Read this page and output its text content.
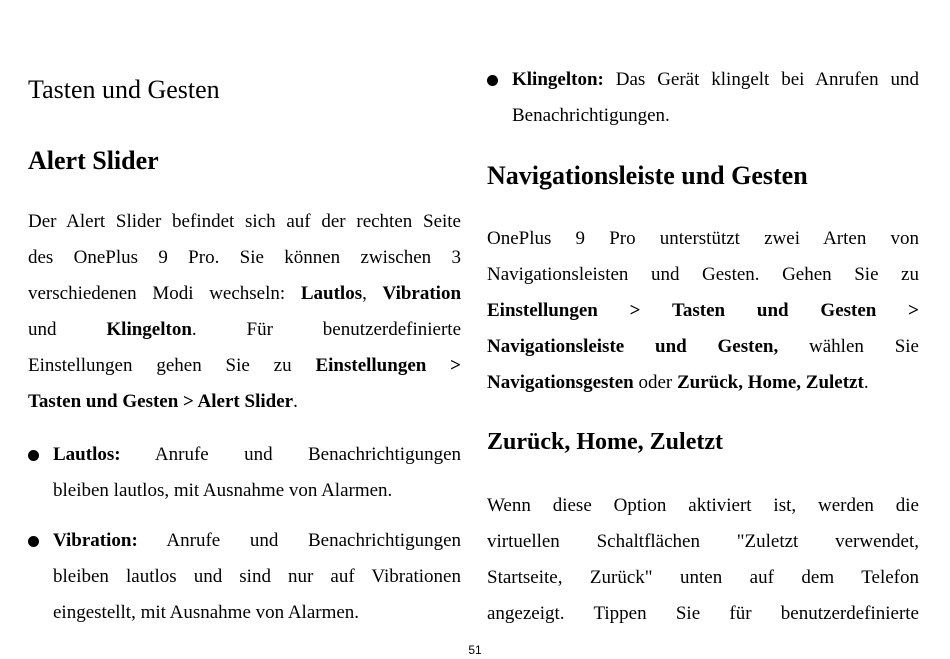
Tasten und Gesten
Alert Slider
Der Alert Slider befindet sich auf der rechten Seite
des OnePlus 9 Pro. Sie können zwischen 3
verschiedenen Modi wechseln: Lautlos, Vibration
und Klingelton. Für benutzerdefinierte
Einstellungen gehen Sie zu Einstellungen >
Tasten und Gesten > Alert Slider.
Lautlos: Anrufe und Benachrichtigungen
bleiben lautlos, mit Ausnahme von Alarmen.
Vibration: Anrufe und Benachrichtigungen
bleiben lautlos und sind nur auf Vibrationen
eingestellt, mit Ausnahme von Alarmen.
Klingelton: Das Gerät klingelt bei Anrufen und
Benachrichtigungen.
Navigationsleiste und Gesten
OnePlus 9 Pro unterstützt zwei Arten von
Navigationsleisten und Gesten. Gehen Sie zu
Einstellungen > Tasten und Gesten >
Navigationsleiste und Gesten, wählen Sie
Navigationsgesten oder Zurück, Home, Zuletzt.
Zurück, Home, Zuletzt
Wenn diese Option aktiviert ist, werden die
virtuellen Schaltflächen "Zuletzt verwendet,
Startseite, Zurück" unten auf dem Telefon
angezeigt. Tippen Sie für benutzerdefinierte
51
